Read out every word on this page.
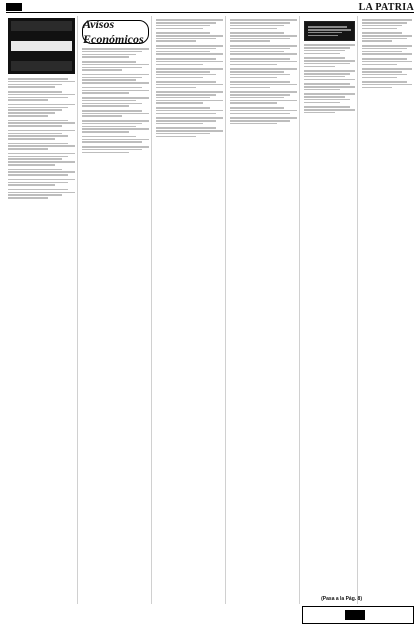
LA PATRIA
Avisos Económicos
(Pasa a la Pág. 8)
